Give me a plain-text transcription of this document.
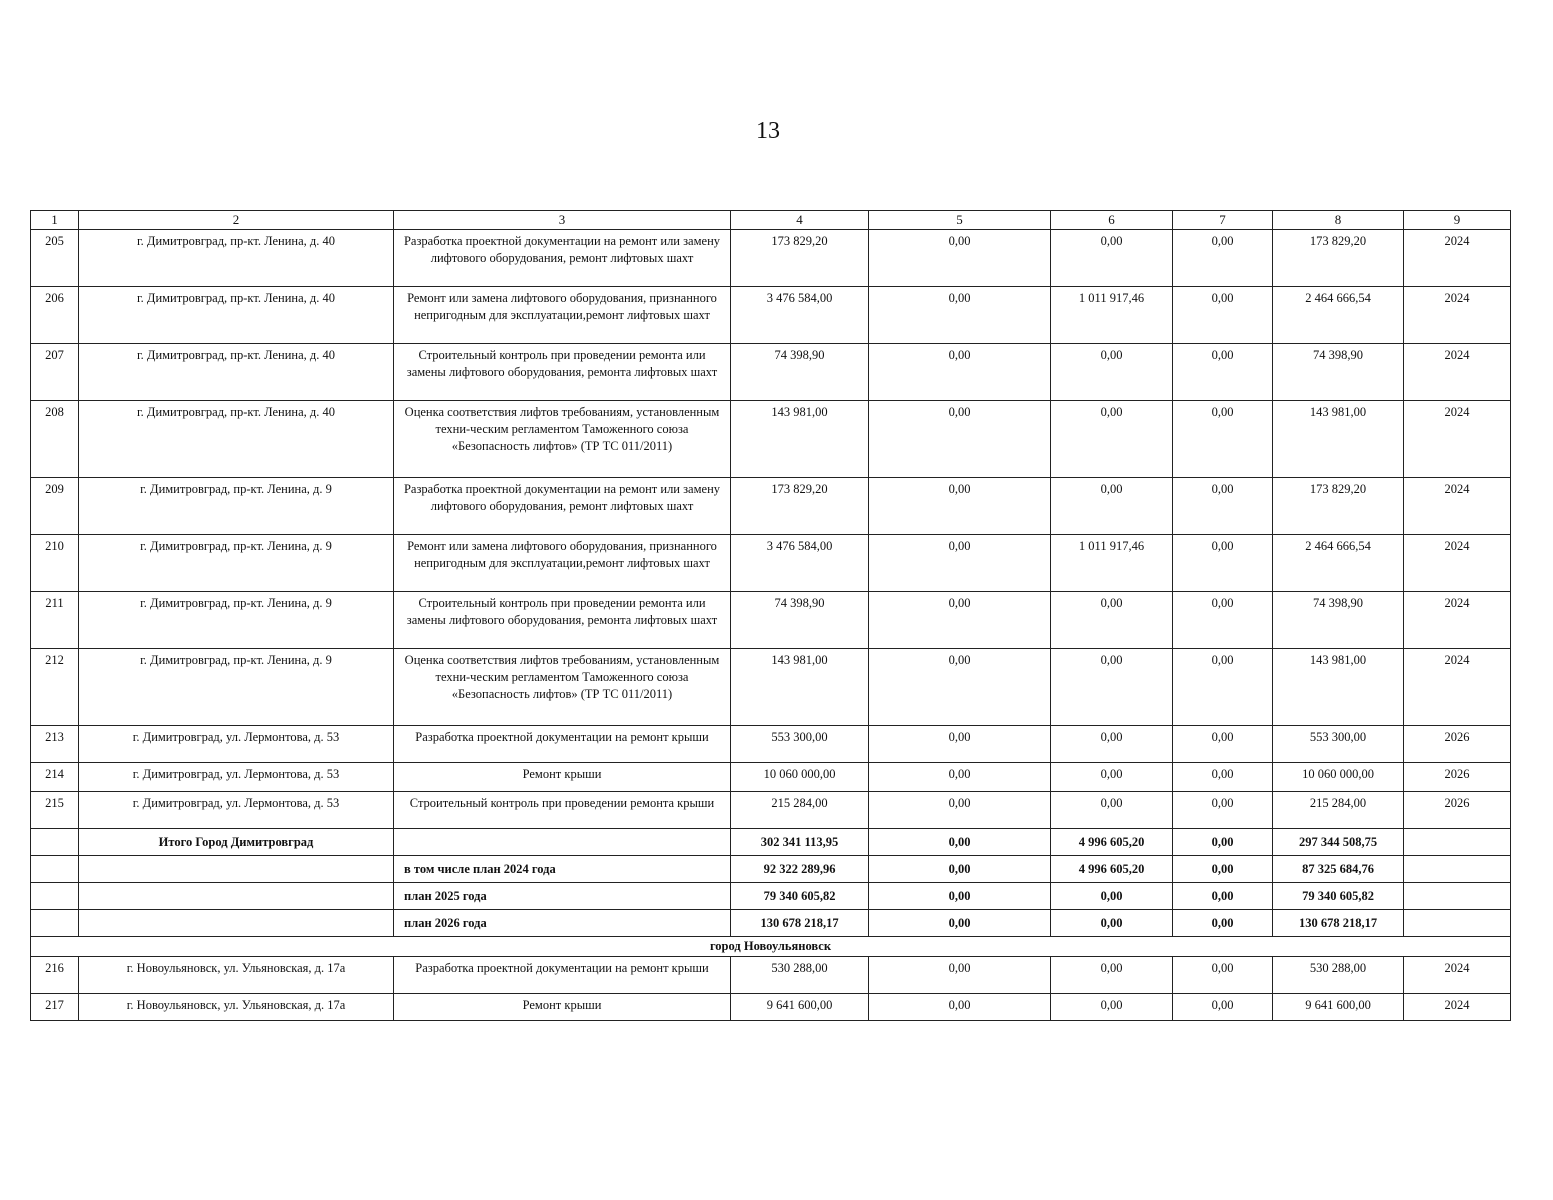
13
1	2	3	4	5	6	7	8	9
205	г. Димитровград, пр-кт. Ленина, д. 40	Разработка проектной документации на ремонт или замену лифтового оборудования, ремонт лифтовых шахт	173 829,20	0,00	0,00	0,00	173 829,20	2024
206	г. Димитровград, пр-кт. Ленина, д. 40	Ремонт или замена лифтового оборудования, признанного непригодным для эксплуатации,ремонт лифтовых шахт	3 476 584,00	0,00	1 011 917,46	0,00	2 464 666,54	2024
207	г. Димитровград, пр-кт. Ленина, д. 40	Строительный контроль при проведении ремонта или замены лифтового оборудования, ремонта лифтовых шахт	74 398,90	0,00	0,00	0,00	74 398,90	2024
208	г. Димитровград, пр-кт. Ленина, д. 40	Оценка соответствия лифтов требованиям, установленным техни-ческим регламентом Таможенного союза «Безопасность лифтов» (ТР ТС 011/2011)	143 981,00	0,00	0,00	0,00	143 981,00	2024
209	г. Димитровград, пр-кт. Ленина, д. 9	Разработка проектной документации на ремонт или замену лифтового оборудования, ремонт лифтовых шахт	173 829,20	0,00	0,00	0,00	173 829,20	2024
210	г. Димитровград, пр-кт. Ленина, д. 9	Ремонт или замена лифтового оборудования, признанного непригодным для эксплуатации,ремонт лифтовых шахт	3 476 584,00	0,00	1 011 917,46	0,00	2 464 666,54	2024
211	г. Димитровград, пр-кт. Ленина, д. 9	Строительный контроль при проведении ремонта или замены лифтового оборудования, ремонта лифтовых шахт	74 398,90	0,00	0,00	0,00	74 398,90	2024
212	г. Димитровград, пр-кт. Ленина, д. 9	Оценка соответствия лифтов требованиям, установленным техни-ческим регламентом Таможенного союза «Безопасность лифтов» (ТР ТС 011/2011)	143 981,00	0,00	0,00	0,00	143 981,00	2024
213	г. Димитровград, ул. Лермонтова, д. 53	Разработка проектной документации на ремонт крыши	553 300,00	0,00	0,00	0,00	553 300,00	2026
214	г. Димитровград, ул. Лермонтова, д. 53	Ремонт крыши	10 060 000,00	0,00	0,00	0,00	10 060 000,00	2026
215	г. Димитровград, ул. Лермонтова, д. 53	Строительный контроль при проведении ремонта крыши	215 284,00	0,00	0,00	0,00	215 284,00	2026
	Итого Город Димитровград		302 341 113,95	0,00	4 996 605,20	0,00	297 344 508,75	
		в том числе план 2024 года	92 322 289,96	0,00	4 996 605,20	0,00	87 325 684,76	
		план 2025 года	79 340 605,82	0,00	0,00	0,00	79 340 605,82	
		план 2026 года	130 678 218,17	0,00	0,00	0,00	130 678 218,17	
город Новоульяновск								
216	г. Новоульяновск, ул. Ульяновская, д. 17а	Разработка проектной документации на ремонт крыши	530 288,00	0,00	0,00	0,00	530 288,00	2024
217	г. Новоульяновск, ул. Ульяновская, д. 17а	Ремонт крыши	9 641 600,00	0,00	0,00	0,00	9 641 600,00	2024
